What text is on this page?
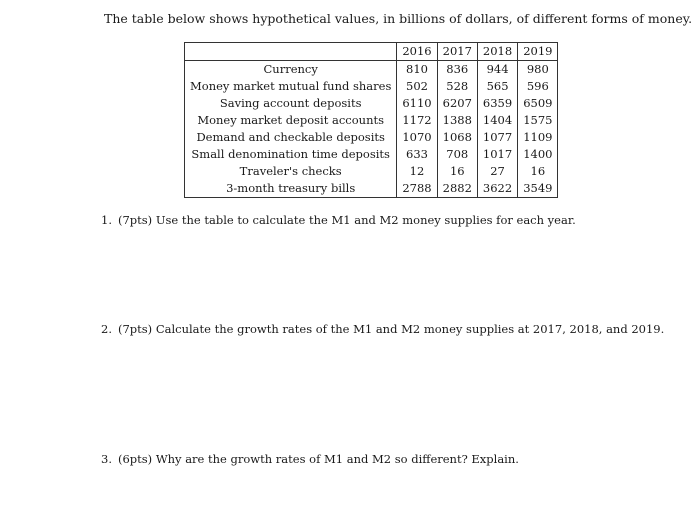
The table below shows hypothetical values, in billions of dollars, of different forms of money.

	2016	2017	2018	2019
Currency	810	836	944	980
Money market mutual fund shares	502	528	565	596
Saving account deposits	6110	6207	6359	6509
Money market deposit accounts	1172	1388	1404	1575
Demand and checkable deposits	1070	1068	1077	1109
Small denomination time deposits	633	708	1017	1400
Traveler's checks	12	16	27	16
3-month treasury bills	2788	2882	3622	3549

1. (7pts) Use the table to calculate the M1 and M2 money supplies for each year.

2. (7pts) Calculate the growth rates of the M1 and M2 money supplies at 2017, 2018, and 2019.

3. (6pts) Why are the growth rates of M1 and M2 so different? Explain.
